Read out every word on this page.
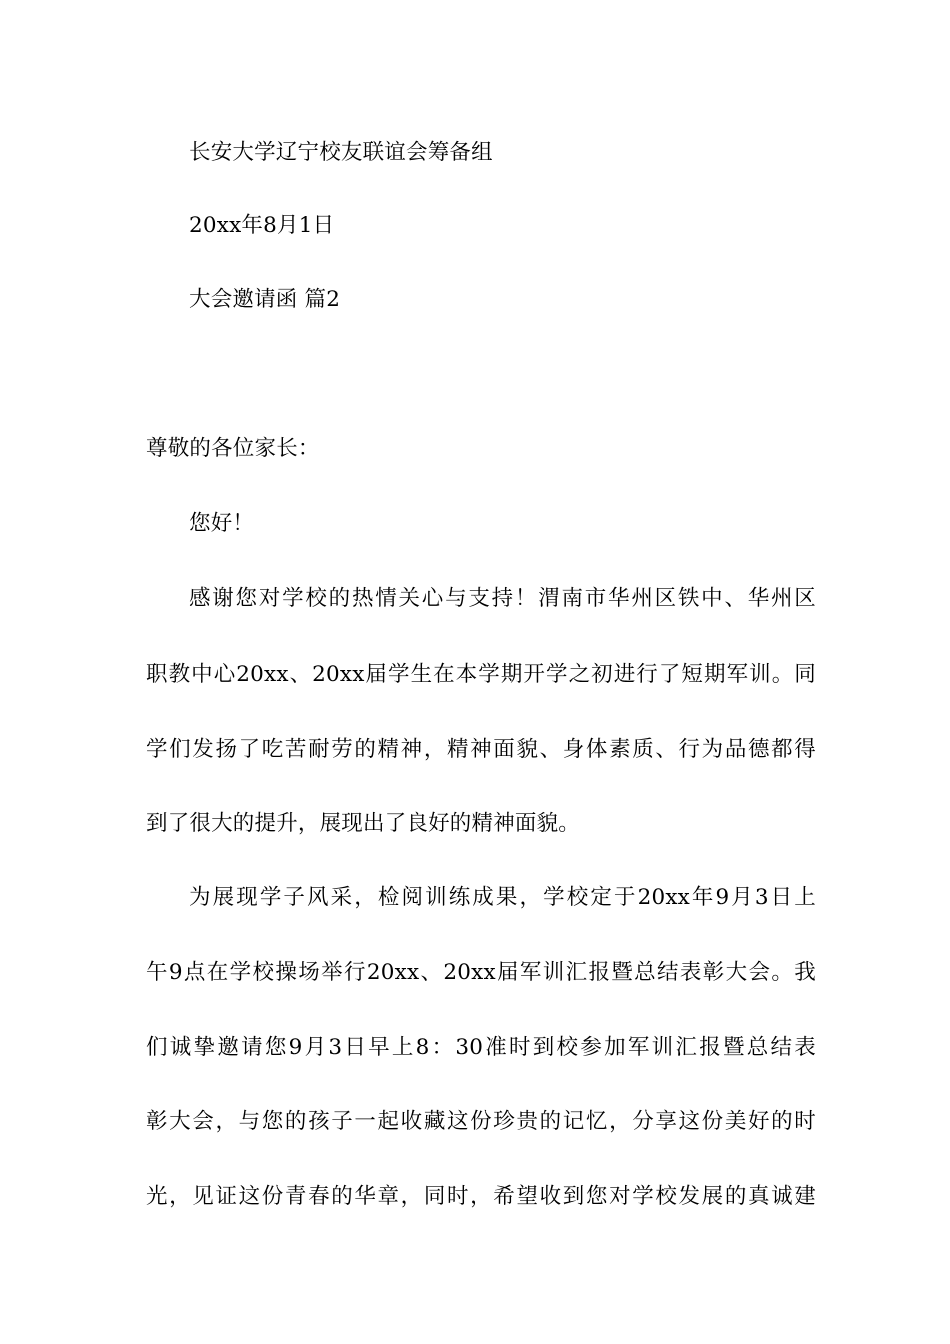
长安大学辽宁校友联谊会筹备组
20xx年8月1日
大会邀请函 篇2
尊敬的各位家长：
您好！
感谢您对学校的热情关心与支持！渭南市华州区铁中、华州区
职教中心20xx、20xx届学生在本学期开学之初进行了短期军训。同
学们发扬了吃苦耐劳的精神，精神面貌、身体素质、行为品德都得
到了很大的提升，展现出了良好的精神面貌。
为展现学子风采，检阅训练成果，学校定于20xx年9月3日上
午9点在学校操场举行20xx、20xx届军训汇报暨总结表彰大会。我
们诚挚邀请您9月3日早上8：30准时到校参加军训汇报暨总结表
彰大会，与您的孩子一起收藏这份珍贵的记忆，分享这份美好的时
光，见证这份青春的华章，同时，希望收到您对学校发展的真诚建
